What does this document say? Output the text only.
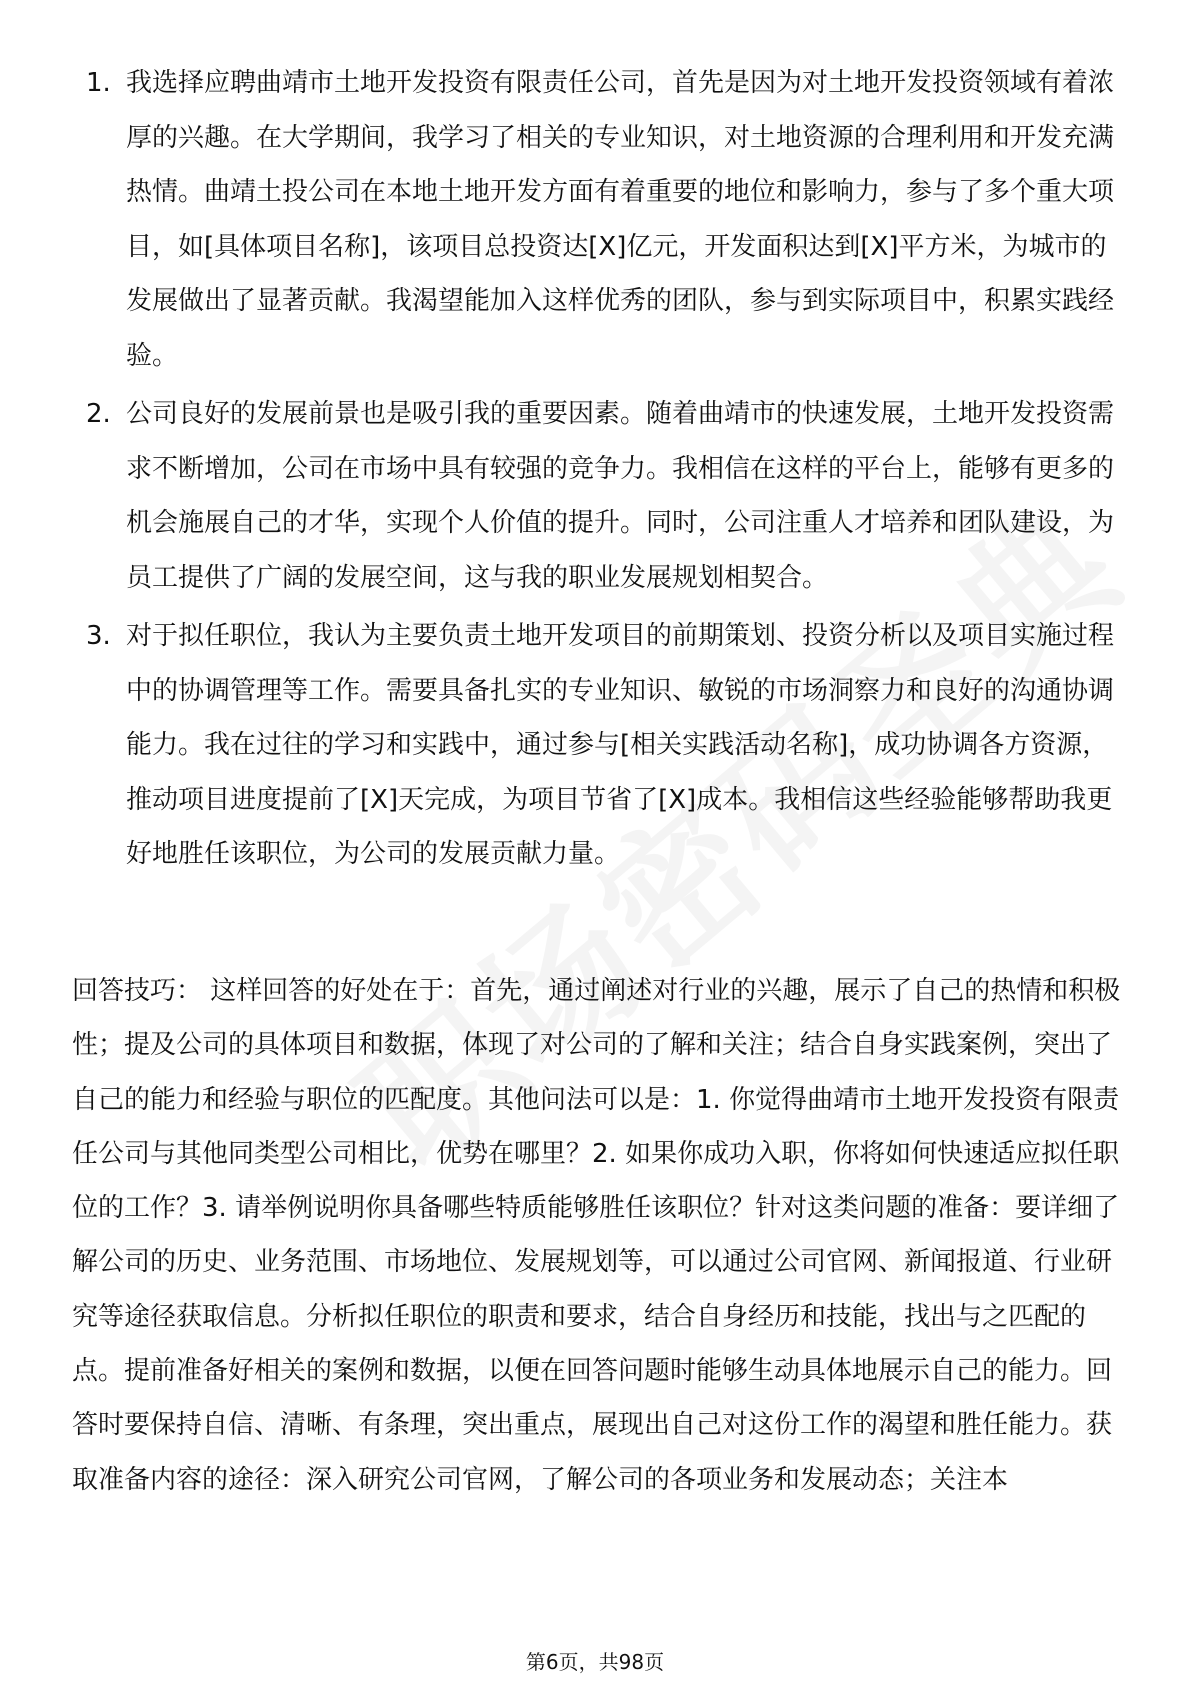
1. 我选择应聘曲靖市土地开发投资有限责任公司，首先是因为对土地开发投资领域有着浓厚的兴趣。在大学期间，我学习了相关的专业知识，对土地资源的合理利用和开发充满热情。曲靖土投公司在本地土地开发方面有着重要的地位和影响力，参与了多个重大项目，如[具体项目名称]，该项目总投资达[X]亿元，开发面积达到[X]平方米，为城市的发展做出了显著贡献。我渴望能加入这样优秀的团队，参与到实际项目中，积累实践经验。
2. 公司良好的发展前景也是吸引我的重要因素。随着曲靖市的快速发展，土地开发投资需求不断增加，公司在市场中具有较强的竞争力。我相信在这样的平台上，能够有更多的机会施展自己的才华，实现个人价值的提升。同时，公司注重人才培养和团队建设，为员工提供了广阔的发展空间，这与我的职业发展规划相契合。
3. 对于拟任职位，我认为主要负责土地开发项目的前期策划、投资分析以及项目实施过程中的协调管理等工作。需要具备扎实的专业知识、敏锐的市场洞察力和良好的沟通协调能力。我在过往的学习和实践中，通过参与[相关实践活动名称]，成功协调各方资源，推动项目进度提前了[X]天完成，为项目节省了[X]成本。我相信这些经验能够帮助我更好地胜任该职位，为公司的发展贡献力量。

回答技巧： 这样回答的好处在于：首先，通过阐述对行业的兴趣，展示了自己的热情和积极性；提及公司的具体项目和数据，体现了对公司的了解和关注；结合自身实践案例，突出了自己的能力和经验与职位的匹配度。其他问法可以是：1. 你觉得曲靖市土地开发投资有限责任公司与其他同类型公司相比，优势在哪里？2. 如果你成功入职，你将如何快速适应拟任职位的工作？3. 请举例说明你具备哪些特质能够胜任该职位？针对这类问题的准备：要详细了解公司的历史、业务范围、市场地位、发展规划等，可以通过公司官网、新闻报道、行业研究等途径获取信息。分析拟任职位的职责和要求，结合自身经历和技能，找出与之匹配的点。提前准备好相关的案例和数据，以便在回答问题时能够生动具体地展示自己的能力。回答时要保持自信、清晰、有条理，突出重点，展现出自己对这份工作的渴望和胜任能力。获取准备内容的途径：深入研究公司官网，了解公司的各项业务和发展动态；关注本

第6页，共98页
